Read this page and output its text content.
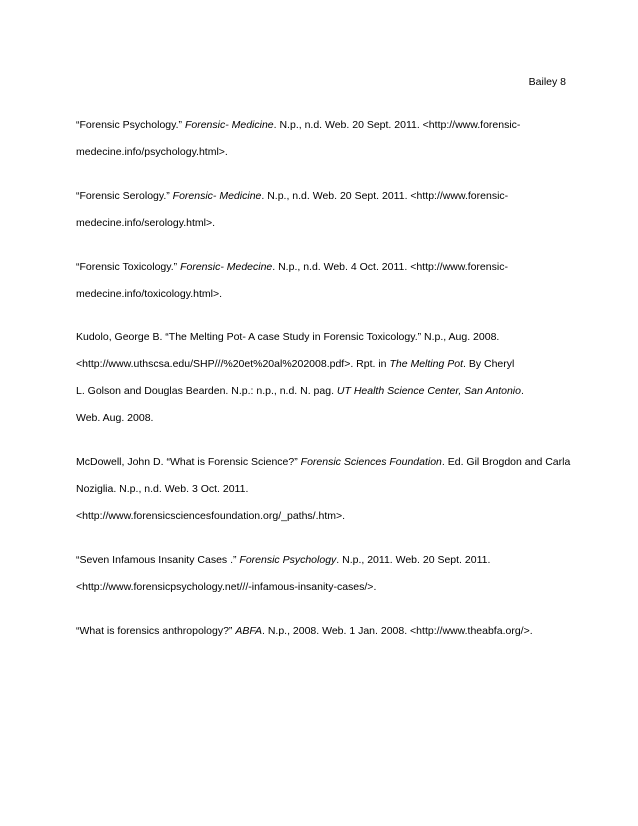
Bailey 8
“Forensic Psychology.” Forensic- Medicine. N.p., n.d. Web. 20 Sept. 2011. <http://www.forensic-
medecine.info/psychology.html>.
“Forensic Serology.” Forensic- Medicine. N.p., n.d. Web. 20 Sept. 2011. <http://www.forensic-
medecine.info/serology.html>.
“Forensic Toxicology.” Forensic- Medecine. N.p., n.d. Web. 4 Oct. 2011. <http://www.forensic-
medecine.info/toxicology.html>.
Kudolo, George B. “The Melting Pot- A case Study in Forensic Toxicology.” N.p., Aug. 2008.
<http://www.uthscsa.edu/SHP///%20et%20al%202008.pdf>. Rpt. in The Melting Pot. By Cheryl
L. Golson and Douglas Bearden. N.p.: n.p., n.d. N. pag. UT Health Science Center, San Antonio.
Web. Aug. 2008.
McDowell, John D. “What is Forensic Science?” Forensic Sciences Foundation. Ed. Gil Brogdon and Carla
Noziglia. N.p., n.d. Web. 3 Oct. 2011.
<http://www.forensicsciencesfoundation.org/_paths/.htm>.
“Seven Infamous Insanity Cases .” Forensic Psychology. N.p., 2011. Web. 20 Sept. 2011.
<http://www.forensicpsychology.net///-infamous-insanity-cases/>.
“What is forensics anthropology?” ABFA. N.p., 2008. Web. 1 Jan. 2008. <http://www.theabfa.org/>.
